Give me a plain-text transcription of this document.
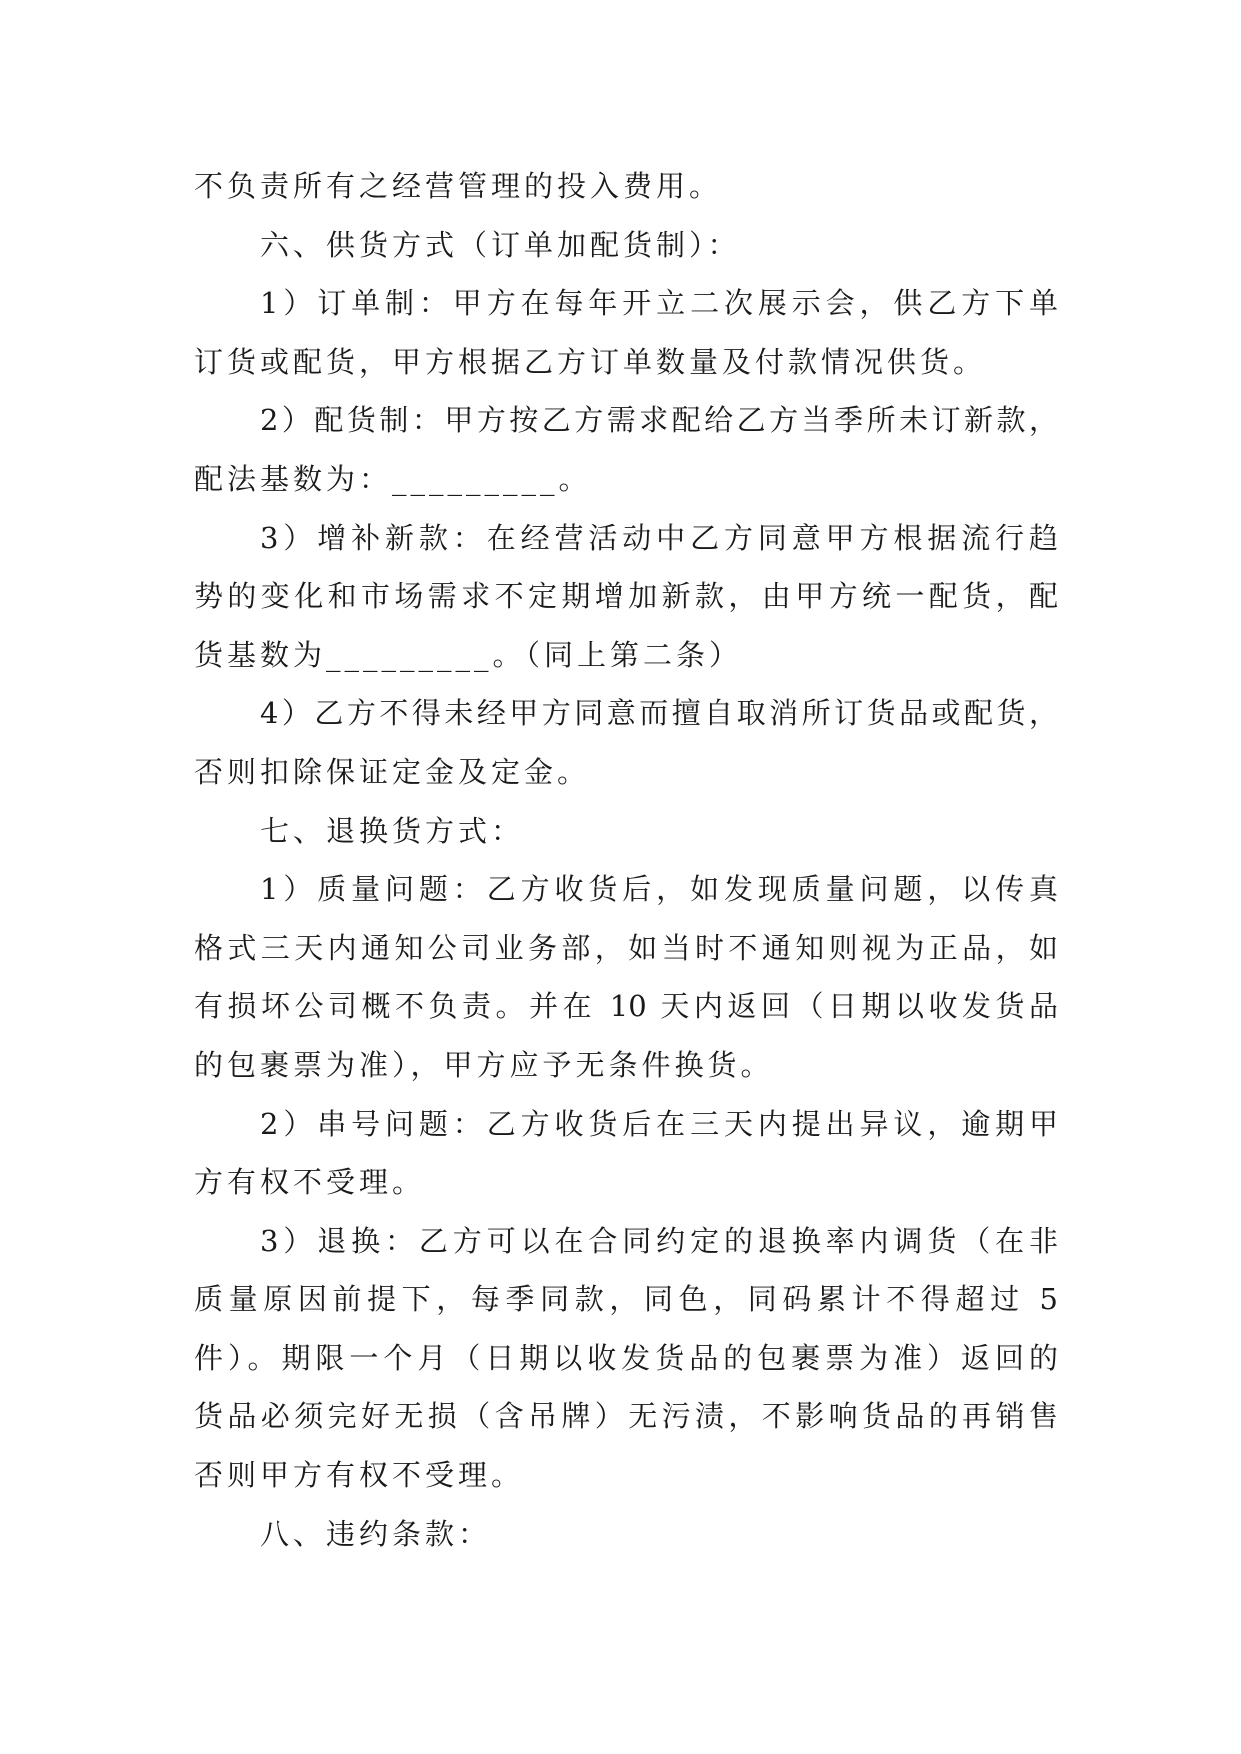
不负责所有之经营管理的投入费用。
六、供货方式（订单加配货制）：
1）订单制：甲方在每年开立二次展示会，供乙方下单
订货或配货，甲方根据乙方订单数量及付款情况供货。
2）配货制：甲方按乙方需求配给乙方当季所未订新款，
配法基数为：_________。
3）增补新款：在经营活动中乙方同意甲方根据流行趋
势的变化和市场需求不定期增加新款，由甲方统一配货，配
货基数为_________。（同上第二条）
4）乙方不得未经甲方同意而擅自取消所订货品或配货，
否则扣除保证定金及定金。
七、退换货方式：
1）质量问题：乙方收货后，如发现质量问题，以传真
格式三天内通知公司业务部，如当时不通知则视为正品，如
有损坏公司概不负责。并在 10 天内返回（日期以收发货品
的包裹票为准），甲方应予无条件换货。
2）串号问题：乙方收货后在三天内提出异议，逾期甲
方有权不受理。
3）退换：乙方可以在合同约定的退换率内调货（在非
质量原因前提下，每季同款，同色，同码累计不得超过 5
件）。期限一个月（日期以收发货品的包裹票为准）返回的
货品必须完好无损（含吊牌）无污渍，不影响货品的再销售
否则甲方有权不受理。
八、违约条款：
